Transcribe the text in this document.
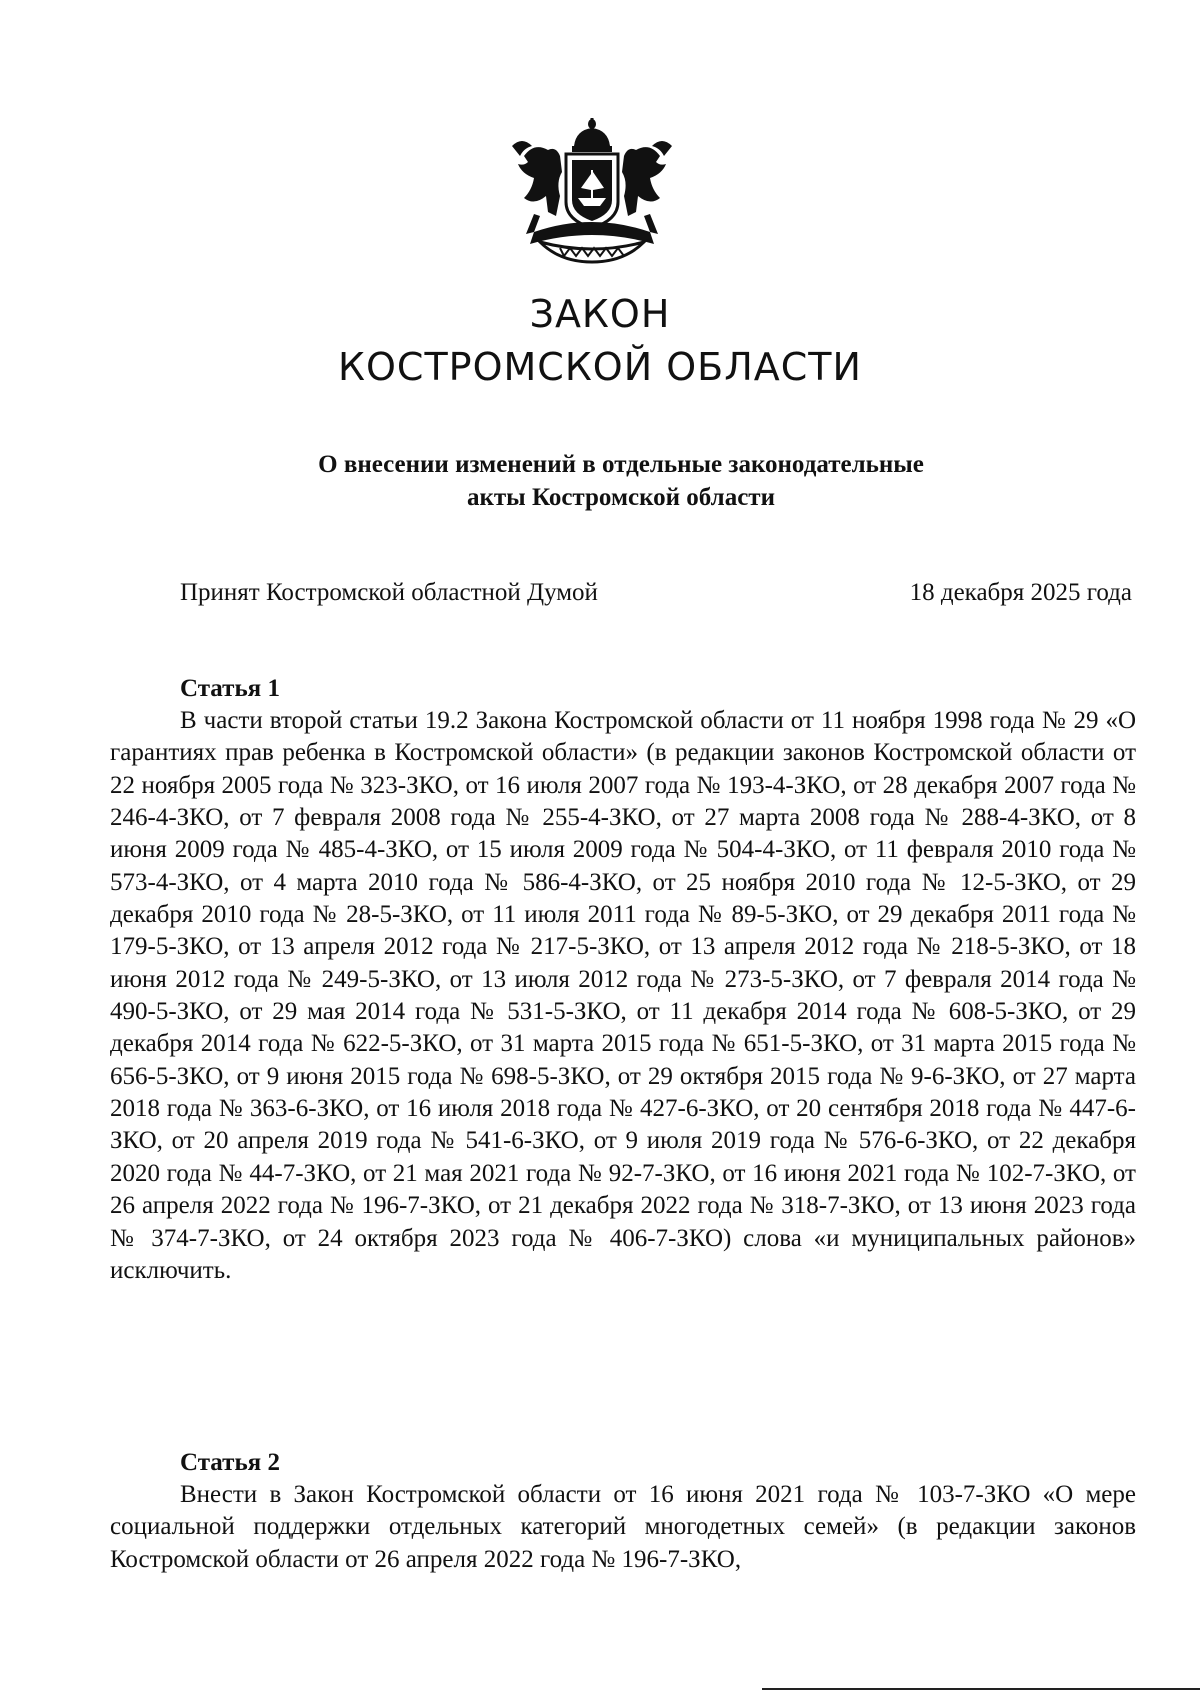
ЗАКОН
КОСТРОМСКОЙ ОБЛАСТИ
О внесении изменений в отдельные законодательные
акты Костромской области
Принят Костромской областной Думой	18 декабря 2025 года
Статья 1

В части второй статьи 19.2 Закона Костромской области от 11 ноября 1998 года № 29 «О гарантиях прав ребенка в Костромской области» (в редакции законов Костромской области от 22 ноября 2005 года № 323-ЗКО, от 16 июля 2007 года № 193-4-ЗКО, от 28 декабря 2007 года № 246-4-ЗКО, от 7 февраля 2008 года № 255-4-ЗКО, от 27 марта 2008 года № 288-4-ЗКО, от 8 июня 2009 года № 485-4-ЗКО, от 15 июля 2009 года № 504-4-ЗКО, от 11 февраля 2010 года № 573-4-ЗКО, от 4 марта 2010 года № 586-4-ЗКО, от 25 ноября 2010 года № 12-5-ЗКО, от 29 декабря 2010 года № 28-5-ЗКО, от 11 июля 2011 года № 89-5-ЗКО, от 29 декабря 2011 года № 179-5-ЗКО, от 13 апреля 2012 года № 217-5-ЗКО, от 13 апреля 2012 года № 218-5-ЗКО, от 18 июня 2012 года № 249-5-ЗКО, от 13 июля 2012 года № 273-5-ЗКО, от 7 февраля 2014 года № 490-5-ЗКО, от 29 мая 2014 года № 531-5-ЗКО, от 11 декабря 2014 года № 608-5-ЗКО, от 29 декабря 2014 года № 622-5-ЗКО, от 31 марта 2015 года № 651-5-ЗКО, от 31 марта 2015 года № 656-5-ЗКО, от 9 июня 2015 года № 698-5-ЗКО, от 29 октября 2015 года № 9-6-ЗКО, от 27 марта 2018 года № 363-6-ЗКО, от 16 июля 2018 года № 427-6-ЗКО, от 20 сентября 2018 года № 447-6-ЗКО, от 20 апреля 2019 года № 541-6-ЗКО, от 9 июля 2019 года № 576-6-ЗКО, от 22 декабря 2020 года № 44-7-ЗКО, от 21 мая 2021 года № 92-7-ЗКО, от 16 июня 2021 года № 102-7-ЗКО, от 26 апреля 2022 года № 196-7-ЗКО, от 21 декабря 2022 года № 318-7-ЗКО, от 13 июня 2023 года № 374-7-ЗКО, от 24 октября 2023 года № 406-7-ЗКО) слова «и муниципальных районов» исключить.

Статья 2

Внести в Закон Костромской области от 16 июня 2021 года № 103-7-ЗКО «О мере социальной поддержки отдельных категорий многодетных семей» (в редакции законов Костромской области от 26 апреля 2022 года № 196-7-ЗКО,
